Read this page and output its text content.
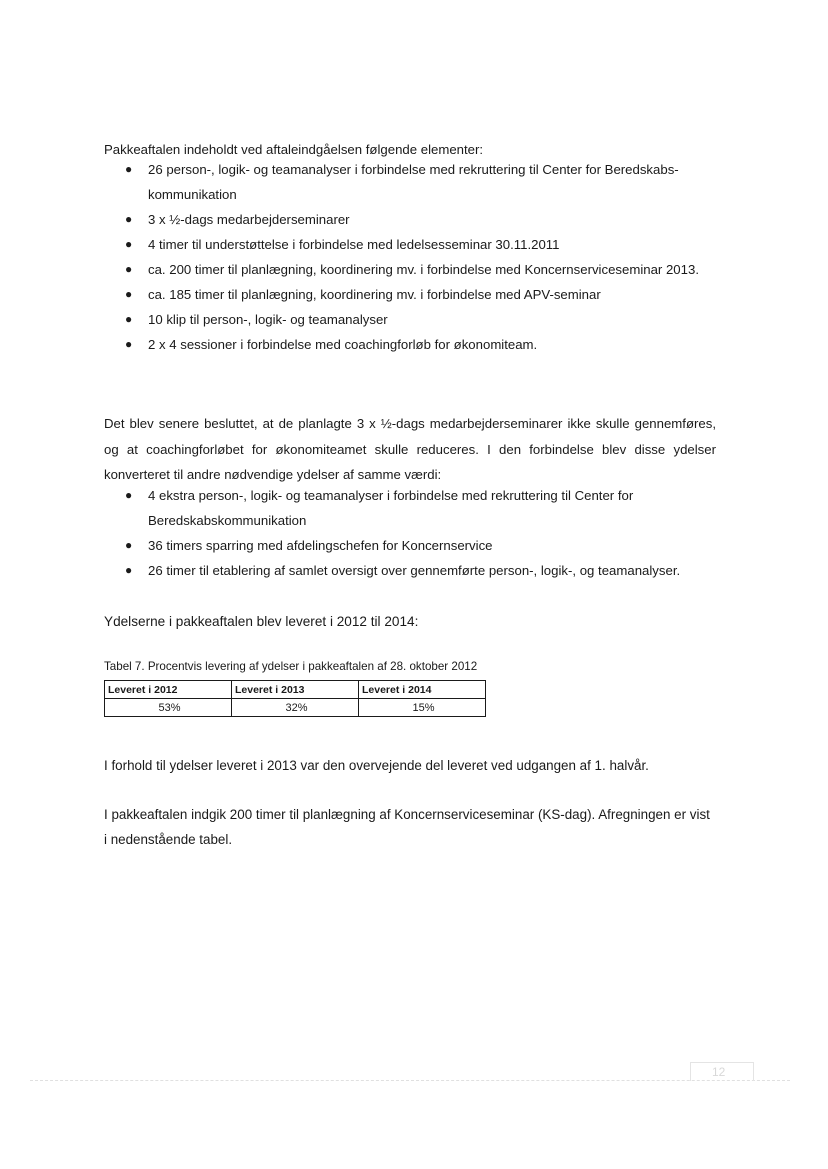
Pakkeaftalen indeholdt ved aftaleindgåelsen følgende elementer:
● 26 person-, logik- og teamanalyser i forbindelse med rekruttering til Center for Beredskabs-kommunikation
● 3 x ½-dags medarbejderseminarer
● 4 timer til understøttelse i forbindelse med ledelsesseminar 30.11.2011
● ca. 200 timer til planlægning, koordinering mv. i forbindelse med Koncernserviceseminar 2013.
● ca. 185 timer til planlægning, koordinering mv. i forbindelse med APV-seminar
● 10 klip til person-, logik- og teamanalyser
● 2 x 4 sessioner i forbindelse med coachingforløb for økonomiteam.
Det blev senere besluttet, at de planlagte 3 x ½-dags medarbejderseminarer ikke skulle gennemføres, og at coachingforløbet for økonomiteamet skulle reduceres. I den forbindelse blev disse ydelser konverteret til andre nødvendige ydelser af samme værdi:
● 4 ekstra person-, logik- og teamanalyser i forbindelse med rekruttering til Center for Beredskabskommunikation
● 36 timers sparring med afdelingschefen for Koncernservice
● 26 timer til etablering af samlet oversigt over gennemførte person-, logik-, og teamanalyser.
Ydelserne i pakkeaftalen blev leveret i 2012 til 2014:
Tabel 7. Procentvis levering af ydelser i pakkeaftalen af 28. oktober 2012
Leveret i 2012	Leveret i 2013	Leveret i 2014
53%	32%	15%
I forhold til ydelser leveret i 2013 var den overvejende del leveret ved udgangen af 1. halvår.
I pakkeaftalen indgik 200 timer til planlægning af Koncernserviceseminar (KS-dag). Afregningen er vist i nedenstående tabel.
12
